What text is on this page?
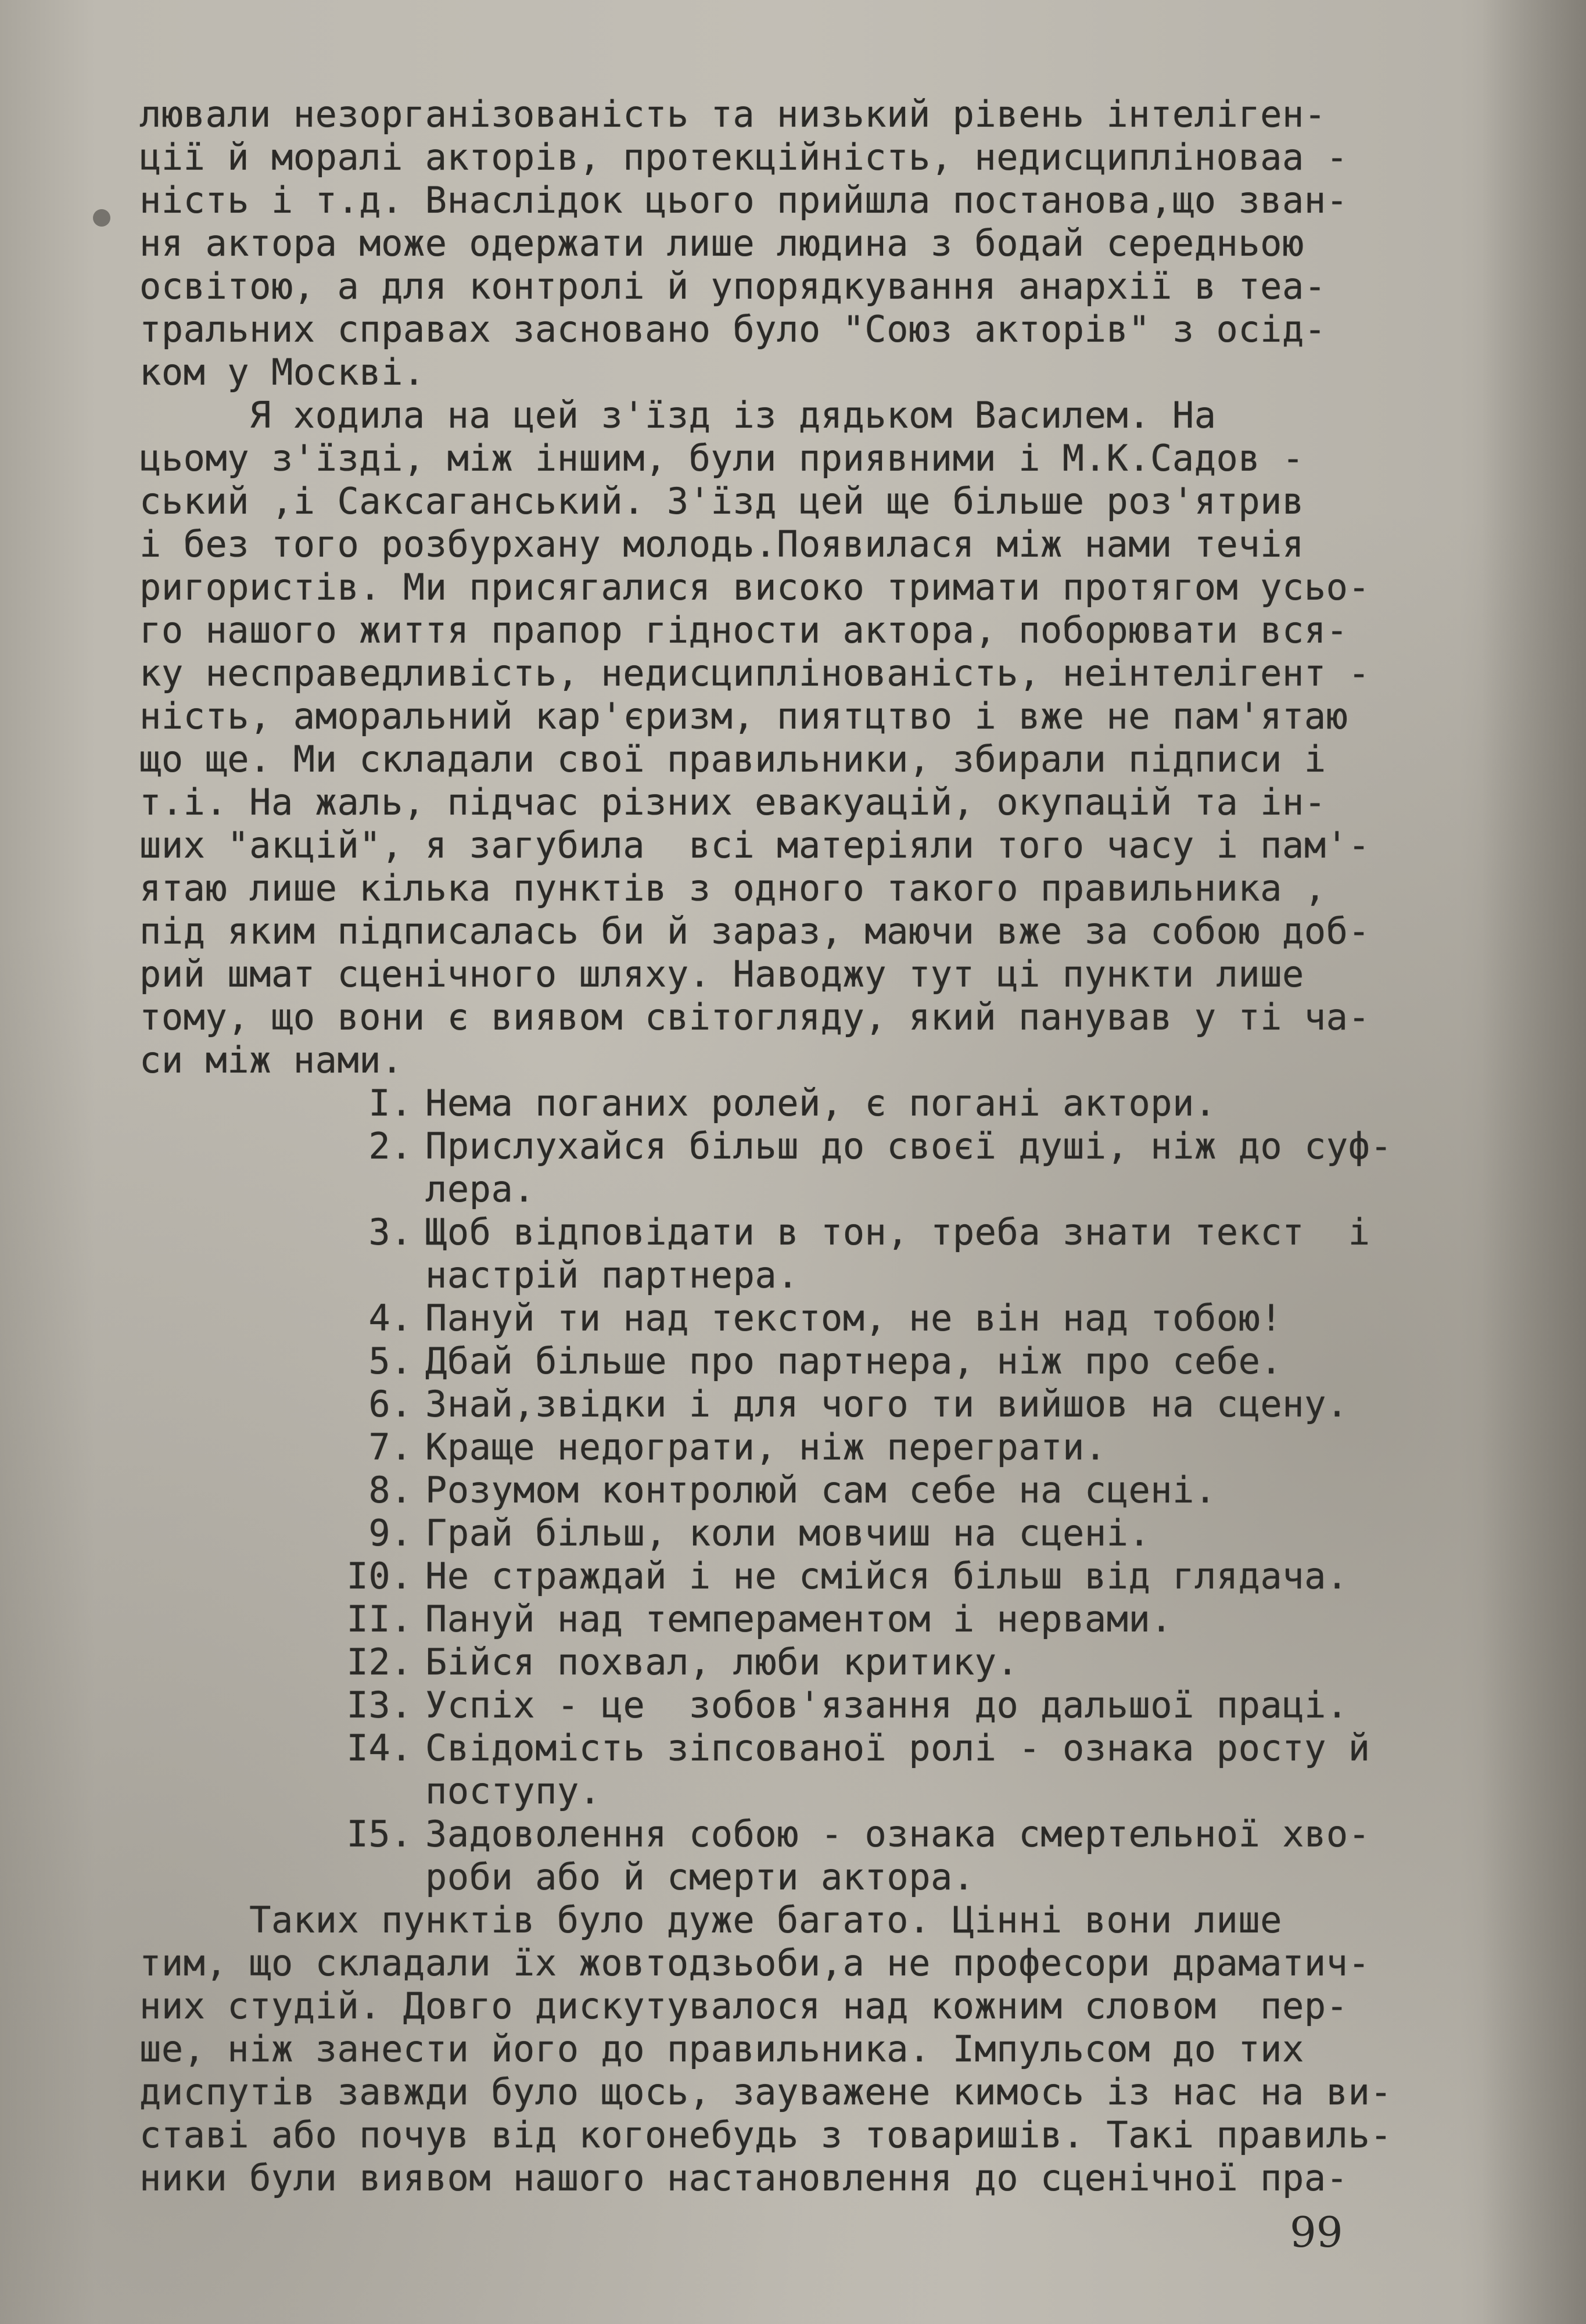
лювали незорганізованість та низький рівень інтеліген-
ції й моралі акторів, протекційність, недисципліноваа -
ність і т.д. Внаслідок цього прийшла постанова,що зван-
ня актора може одержати лише людина з бодай середньою
освітою, а для контролі й упорядкування анархії в теа-
тральних справах засновано було "Союз акторів" з осід-
ком у Москві.
Я ходила на цей з'їзд із дядьком Василем. На
цьому з'їзді, між іншим, були приявними і М.К.Садов -
ський ,і Саксаганський. З'їзд цей ще більше роз'ятрив
і без того розбурхану молодь.Появилася між нами течія
ригористів. Ми присягалися високо тримати протягом усьо-
го нашого життя прапор гідности актора, поборювати вся-
ку несправедливість, недисциплінованість, неінтелігент -
ність, аморальний кар'єризм, пиятцтво і вже не пам'ятаю
що ще. Ми складали свої правильники, збирали підписи і
т.і. На жаль, підчас різних евакуацій, окупацій та ін-
ших "акцій", я загубила  всі матеріяли того часу і пам'-
ятаю лише кілька пунктів з одного такого правильника ,
під яким підписалась би й зараз, маючи вже за собою доб-
рий шмат сценічного шляху. Наводжу тут ці пункти лише
тому, що вони є виявом світогляду, який панував у ті ча-
си між нами.
I. Нема поганих ролей, є погані актори.
2. Прислухайся більш до своєї душі, ніж до суф-
лера.
3. Щоб відповідати в тон, треба знати текст  і
настрій партнера.
4. Пануй ти над текстом, не він над тобою!
5. Дбай більше про партнера, ніж про себе.
6. Знай,звідки і для чого ти вийшов на сцену.
7. Краще недограти, ніж переграти.
8. Розумом контролюй сам себе на сцені.
9. Грай більш, коли мовчиш на сцені.
I0. Не страждай і не смійся більш від глядача.
II. Пануй над темпераментом і нервами.
I2. Бійся похвал, люби критику.
I3. Успіх - це  зобов'язання до дальшої праці.
I4. Свідомість зіпсованої ролі - ознака росту й
поступу.
I5. Задоволення собою - ознака смертельної хво-
роби або й смерти актора.
Таких пунктів було дуже багато. Цінні вони лише
тим, що складали їх жовтодзьоби,а не професори драматич-
них студій. Довго дискутувалося над кожним словом  пер-
ше, ніж занести його до правильника. Імпульсом до тих
диспутів завжди було щось, зауважене кимось із нас на ви-
ставі або почув від когонебудь з товаришів. Такі правиль-
ники були виявом нашого настановлення до сценічної пра-
99
